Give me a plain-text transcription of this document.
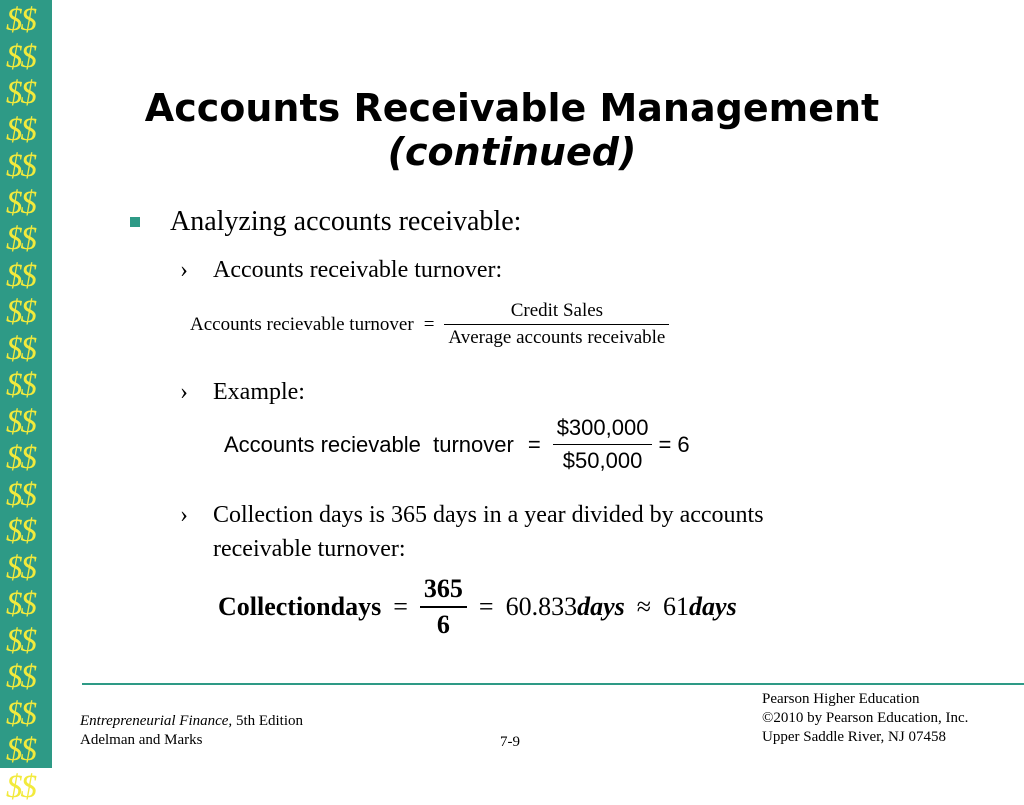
$$
$$
$$
$$
$$
$$
$$
$$
$$
$$
$$
$$
$$
$$
$$
$$
$$
$$
$$
$$
$$
$$
Accounts Receivable Management
(continued)
Analyzing accounts receivable:
› Accounts receivable turnover:
Accounts recievable turnover = $\frac{\text{Credit Sales}}{\text{Average accounts receivable}}$
› Example:
Accounts recievable  turnover = $\frac{\$300,000}{\$50,000} = 6$
› Collection days is 365 days in a year divided by accounts
receivable turnover:
Collectiondays = $\frac{365}{6} = 60.833$ days ≈ 61 days
Entrepreneurial Finance, 5th Edition
Adelman and Marks	7-9
Pearson Higher Education
©2010 by Pearson Education, Inc.
Upper Saddle River, NJ 07458
